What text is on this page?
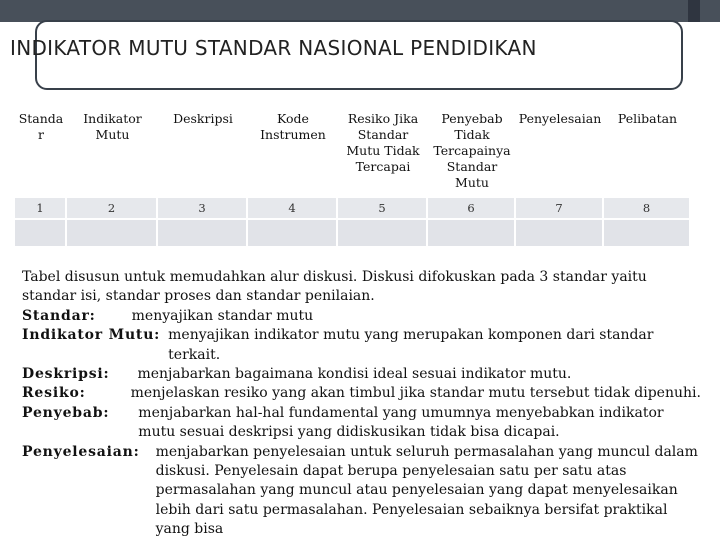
INDIKATOR MUTU STANDAR NASIONAL PENDIDIKAN
Standar	Indikator Mutu	Deskripsi	Kode Instrumen	Resiko Jika Standar Mutu Tidak Tercapai	Penyebab Tidak Tercapainya Standar Mutu	Penyelesaian	Pelibatan
1	2	3	4	5	6	7	8

Tabel disusun untuk memudahkan alur diskusi. Diskusi difokuskan pada 3 standar yaitu standar isi, standar proses dan standar penilaian.

Standar:	menyajikan standar mutu
Indikator Mutu: menyajikan indikator mutu yang merupakan komponen dari standar terkait.
Deskripsi: menjabarkan bagaimana kondisi ideal sesuai indikator mutu.
Resiko:	menjelaskan resiko yang akan timbul jika standar mutu tersebut tidak dipenuhi.
Penyebab: menjabarkan hal-hal fundamental yang umumnya menyebabkan indikator mutu sesuai deskripsi yang didiskusikan tidak bisa dicapai.
Penyelesaian: menjabarkan penyelesaian untuk seluruh permasalahan yang muncul dalam diskusi. Penyelesain dapat berupa penyelesaian satu per satu atas permasalahan yang muncul atau penyelesaian yang dapat menyelesaikan lebih dari satu permasalahan. Penyelesaian sebaiknya bersifat praktikal yang bisa
